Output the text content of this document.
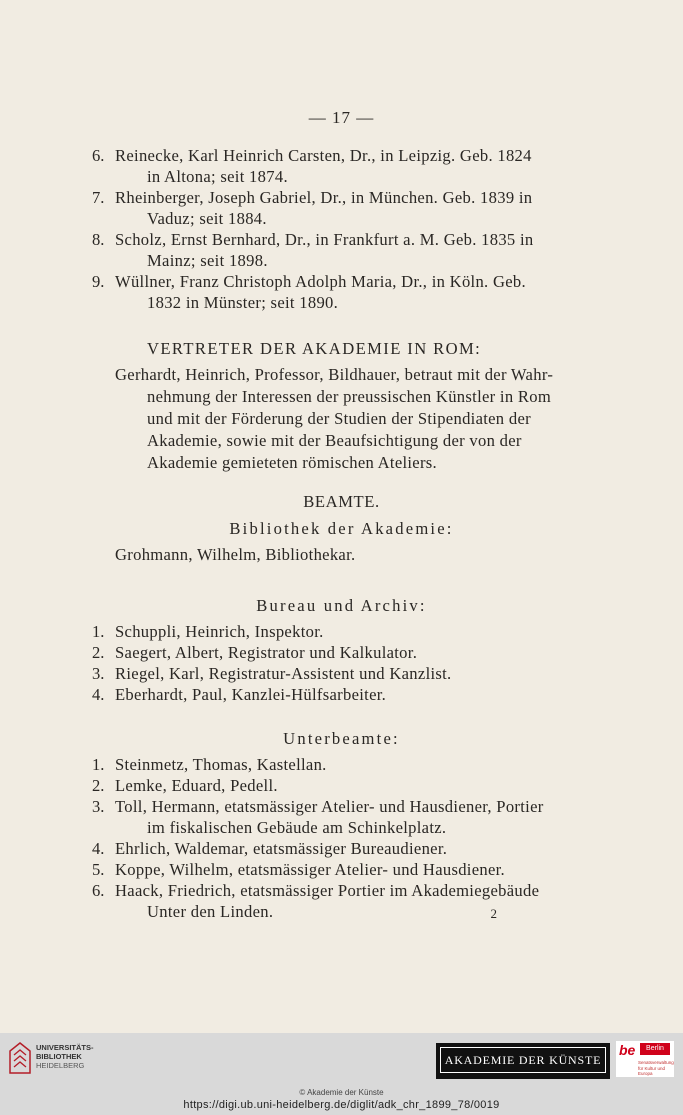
— 17 —
6. Reinecke, Karl Heinrich Carsten, Dr., in Leipzig. Geb. 1824
in Altona; seit 1874.
7. Rheinberger, Joseph Gabriel, Dr., in München. Geb. 1839 in
Vaduz; seit 1884.
8. Scholz, Ernst Bernhard, Dr., in Frankfurt a. M. Geb. 1835 in
Mainz; seit 1898.
9. Wüllner, Franz Christoph Adolph Maria, Dr., in Köln. Geb.
1832 in Münster; seit 1890.
VERTRETER DER AKADEMIE IN ROM:
Gerhardt, Heinrich, Professor, Bildhauer, betraut mit der Wahr-
nehmung der Interessen der preussischen Künstler in Rom
und mit der Förderung der Studien der Stipendiaten der
Akademie, sowie mit der Beaufsichtigung der von der
Akademie gemieteten römischen Ateliers.
BEAMTE.
Bibliothek der Akademie:
Grohmann, Wilhelm, Bibliothekar.
Bureau und Archiv:
1. Schuppli, Heinrich, Inspektor.
2. Saegert, Albert, Registrator und Kalkulator.
3. Riegel, Karl, Registratur-Assistent und Kanzlist.
4. Eberhardt, Paul, Kanzlei-Hülfsarbeiter.
Unterbeamte:
1. Steinmetz, Thomas, Kastellan.
2. Lemke, Eduard, Pedell.
3. Toll, Hermann, etatsmässiger Atelier- und Hausdiener, Portier
im fiskalischen Gebäude am Schinkelplatz.
4. Ehrlich, Waldemar, etatsmässiger Bureaudiener.
5. Koppe, Wilhelm, etatsmässiger Atelier- und Hausdiener.
6. Haack, Friedrich, etatsmässiger Portier im Akademiegebäude
Unter den Linden.	2
UNIVERSITÄTS-
BIBLIOTHEK
HEIDELBERG	AKADEMIE DER KÜNSTE
be	Berlin
Senatsverwaltung
für Kultur und Europa
© Akademie der Künste
https://digi.ub.uni-heidelberg.de/diglit/adk_chr_1899_78/0019
